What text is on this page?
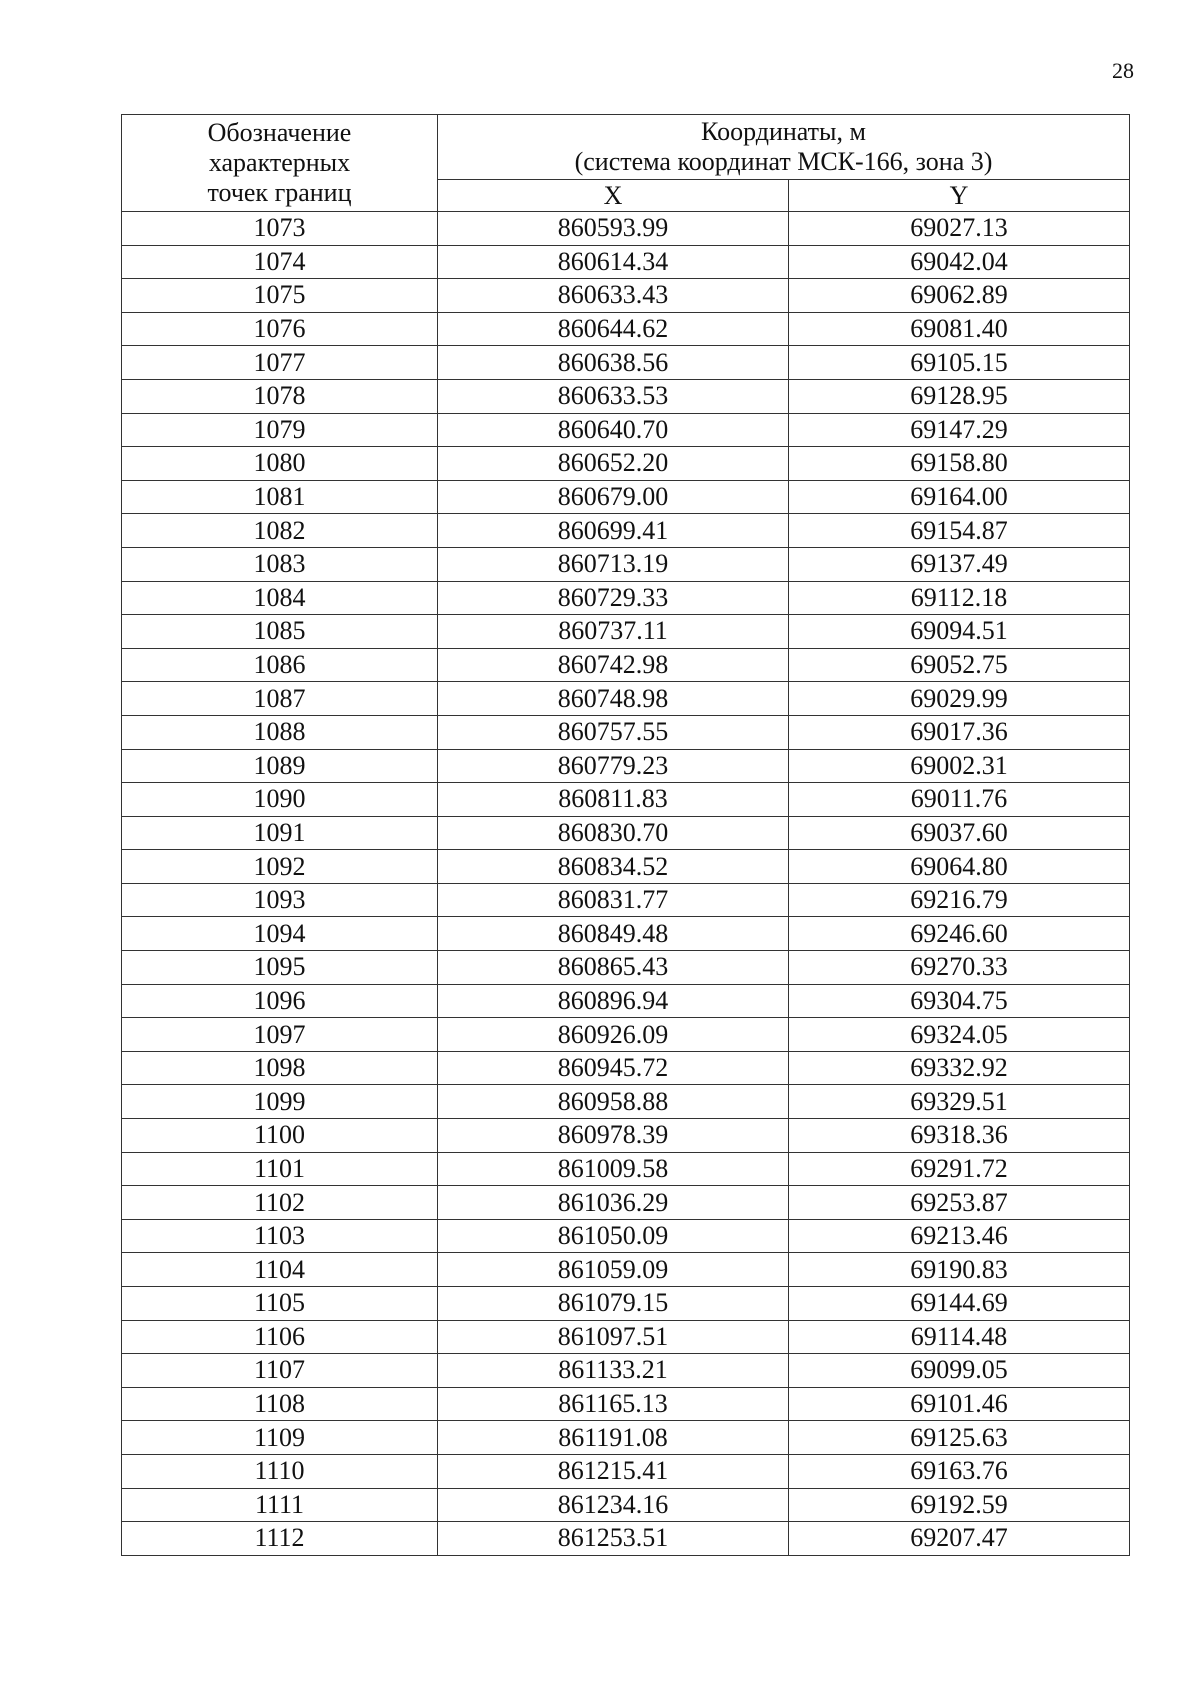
28
Обозначение
характерных
точек границ	Координаты, м
(система координат МСК-166, зона 3)	

	X	Y
1073	860593.99	69027.13
1074	860614.34	69042.04
1075	860633.43	69062.89
1076	860644.62	69081.40
1077	860638.56	69105.15
1078	860633.53	69128.95
1079	860640.70	69147.29
1080	860652.20	69158.80
1081	860679.00	69164.00
1082	860699.41	69154.87
1083	860713.19	69137.49
1084	860729.33	69112.18
1085	860737.11	69094.51
1086	860742.98	69052.75
1087	860748.98	69029.99
1088	860757.55	69017.36
1089	860779.23	69002.31
1090	860811.83	69011.76
1091	860830.70	69037.60
1092	860834.52	69064.80
1093	860831.77	69216.79
1094	860849.48	69246.60
1095	860865.43	69270.33
1096	860896.94	69304.75
1097	860926.09	69324.05
1098	860945.72	69332.92
1099	860958.88	69329.51
1100	860978.39	69318.36
1101	861009.58	69291.72
1102	861036.29	69253.87
1103	861050.09	69213.46
1104	861059.09	69190.83
1105	861079.15	69144.69
1106	861097.51	69114.48
1107	861133.21	69099.05
1108	861165.13	69101.46
1109	861191.08	69125.63
1110	861215.41	69163.76
1111	861234.16	69192.59
1112	861253.51	69207.47
